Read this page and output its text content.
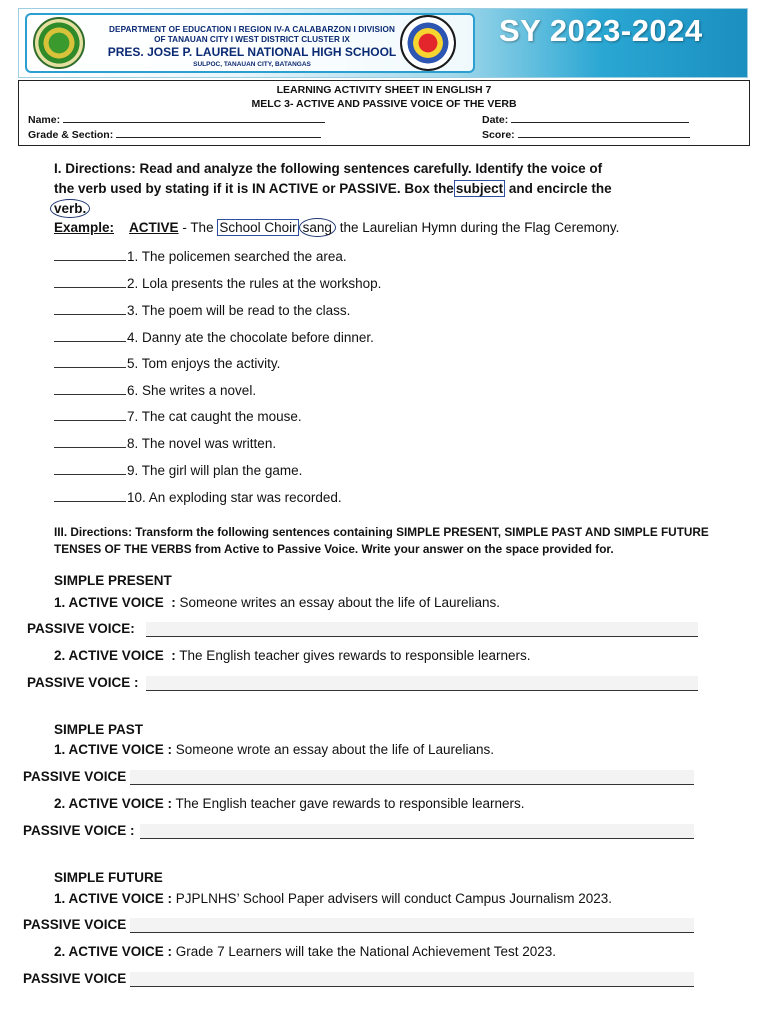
DEPARTMENT OF EDUCATION I REGION IV-A CALABARZON I DIVISION
OF TANAUAN CITY I WEST DISTRICT CLUSTER IX
PRES. JOSE P. LAUREL NATIONAL HIGH SCHOOL
SULPOC, TANAUAN CITY, BATANGAS
SY 2023-2024
LEARNING ACTIVITY SHEET IN ENGLISH 7
MELC 3- ACTIVE AND PASSIVE VOICE OF THE VERB
Name:	Date:
Grade & Section:	Score:
I. Directions: Read and analyze the following sentences carefully. Identify the voice of
the verb used by stating if it is IN ACTIVE or PASSIVE. Box the subject and encircle the
verb.
Example: ACTIVE - The School Choir sang the Laurelian Hymn during the Flag Ceremony.
1. The policemen searched the area.
2. Lola presents the rules at the workshop.
3. The poem will be read to the class.
4. Danny ate the chocolate before dinner.
5. Tom enjoys the activity.
6. She writes a novel.
7. The cat caught the mouse.
8. The novel was written.
9. The girl will plan the game.
10. An exploding star was recorded.
III. Directions: Transform the following sentences containing SIMPLE PRESENT, SIMPLE PAST AND SIMPLE FUTURE TENSES OF THE VERBS from Active to Passive Voice. Write your answer on the space provided for.
SIMPLE PRESENT
1. ACTIVE VOICE  : Someone writes an essay about the life of Laurelians.
PASSIVE VOICE:
2. ACTIVE VOICE  : The English teacher gives rewards to responsible learners.
PASSIVE VOICE :
SIMPLE PAST
1. ACTIVE VOICE : Someone wrote an essay about the life of Laurelians.
PASSIVE VOICE
2. ACTIVE VOICE : The English teacher gave rewards to responsible learners.
PASSIVE VOICE :
SIMPLE FUTURE
1. ACTIVE VOICE : PJPLNHS’ School Paper advisers will conduct Campus Journalism 2023.
PASSIVE VOICE
2. ACTIVE VOICE : Grade 7 Learners will take the National Achievement Test 2023.
PASSIVE VOICE
